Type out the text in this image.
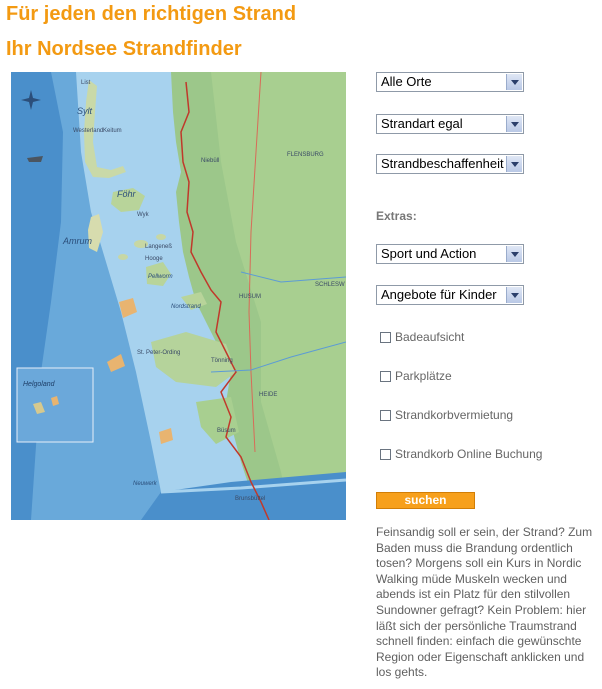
Für jeden den richtigen Strand
Ihr Nordsee Strandfinder
List
Westerland Keitum
Sylt
Föhr
Wyk
Amrum
Langeneß
Hooge
Pellworm
Nordstrand
Niebüll
FLENSBURG
HUSUM
SCHLESW
St. Peter-Ording
Tönning
HEIDE
Büsum
Brunsbüttel
Neuwerk
Helgoland
Alle Orte
Strandart egal
Strandbeschaffenheit
Extras:
Sport und Action
Angebote für Kinder
Badeaufsicht
Parkplätze
Strandkorbvermietung
Strandkorb Online Buchung
suchen

Feinsandig soll er sein, der Strand? Zum Baden muss die Brandung ordentlich tosen? Morgens soll ein Kurs in Nordic Walking müde Muskeln wecken und abends ist ein Platz für den stilvollen Sundowner gefragt? Kein Problem: hier läßt sich der persönliche Traumstrand schnell finden: einfach die gewünschte Region oder Eigenschaft anklicken und los gehts.
